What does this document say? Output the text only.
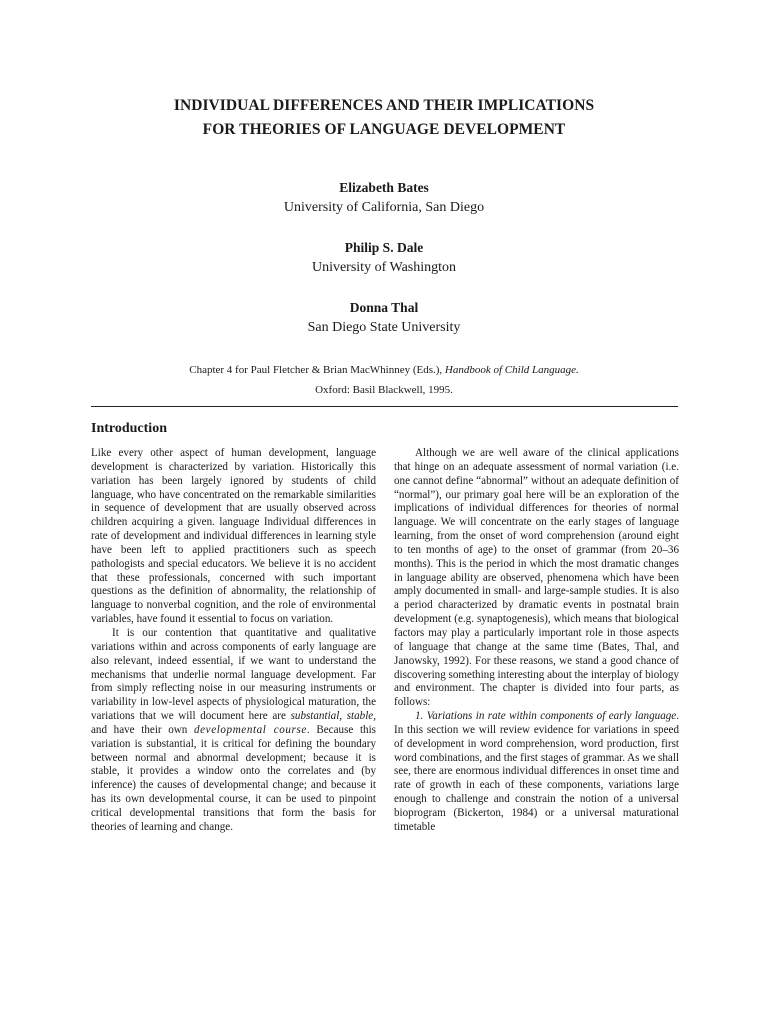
INDIVIDUAL DIFFERENCES AND THEIR IMPLICATIONS
FOR THEORIES OF LANGUAGE DEVELOPMENT
Elizabeth Bates
University of California, San Diego
Philip S. Dale
University of Washington
Donna Thal
San Diego State University
Chapter 4 for Paul Fletcher & Brian MacWhinney (Eds.), Handbook of Child Language.
Oxford: Basil Blackwell, 1995.
Introduction

Like every other aspect of human development, language development is characterized by variation. Historically this variation has been largely ignored by students of child language, who have concentrated on the remarkable similarities in sequence of development that are usually observed across children acquiring a given. language Individual differences in rate of development and individual differences in learning style have been left to applied practitioners such as speech pathologists and special educators. We believe it is no accident that these professionals, concerned with such important questions as the definition of abnormality, the relationship of language to nonverbal cognition, and the role of environmental variables, have found it essential to focus on variation.

It is our contention that quantitative and qualitative variations within and across components of early language are also relevant, indeed essential, if we want to understand the mechanisms that underlie normal language development. Far from simply reflecting noise in our measuring instruments or variability in low-level aspects of physiological maturation, the variations that we will document here are substantial, stable, and have their own developmental course. Because this variation is substantial, it is critical for defining the boundary between normal and abnormal development; because it is stable, it provides a window onto the correlates and (by inference) the causes of developmental change; and because it has its own developmental course, it can be used to pinpoint critical developmental transitions that form the basis for theories of learning and change.

Although we are well aware of the clinical applications that hinge on an adequate assessment of normal variation (i.e. one cannot define “abnormal” without an adequate definition of “normal”), our primary goal here will be an exploration of the implications of individual differences for theories of normal language. We will concentrate on the early stages of language learning, from the onset of word comprehension (around eight to ten months of age) to the onset of grammar (from 20–36 months). This is the period in which the most dramatic changes in language ability are observed, phenomena which have been amply documented in small- and large-sample studies. It is also a period characterized by dramatic events in postnatal brain development (e.g. synaptogenesis), which means that biological factors may play a particularly important role in those aspects of language that change at the same time (Bates, Thal, and Janowsky, 1992). For these reasons, we stand a good chance of discovering something interesting about the interplay of biology and environment. The chapter is divided into four parts, as follows:

1. Variations in rate within components of early language. In this section we will review evidence for variations in speed of development in word comprehension, word production, first word combinations, and the first stages of grammar. As we shall see, there are enormous individual differences in onset time and rate of growth in each of these components, variations large enough to challenge and constrain the notion of a universal bioprogram (Bickerton, 1984) or a universal maturational timetable
